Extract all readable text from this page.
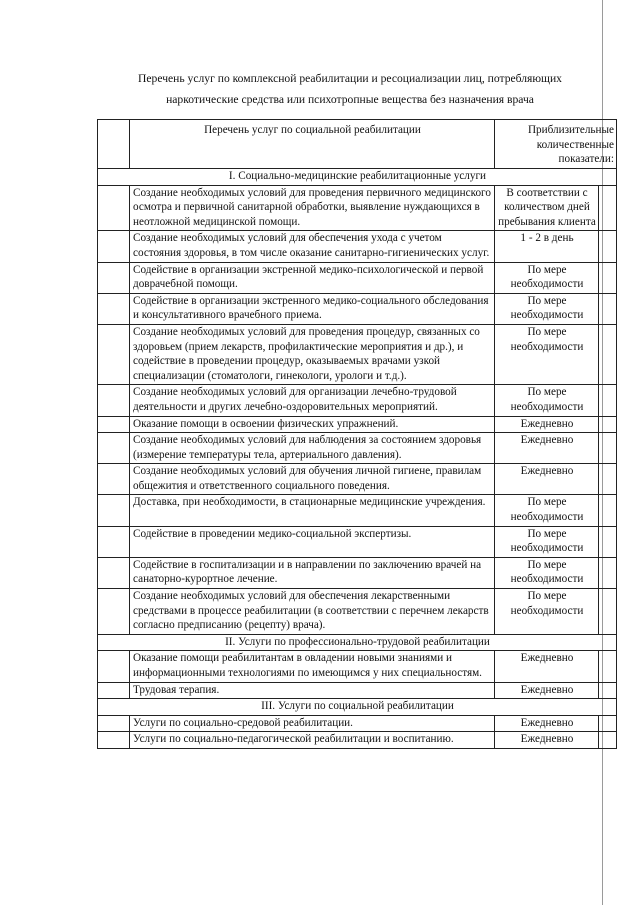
Перечень услуг по комплексной реабилитации и ресоциализации лиц, потребляющих
наркотические средства или психотропные вещества без назначения врача
	Перечень услуг по социальной реабилитации	Приблизительные количественные показатели:	
I. Социально-медицинские реабилитационные услуги			
	Создание необходимых условий для проведения первичного медицинского осмотра и первичной санитарной обработки, выявление нуждающихся в неотложной медицинской помощи.	В соответствии с количеством дней пребывания клиента	
	Создание необходимых условий для обеспечения ухода с учетом состояния здоровья, в том числе оказание санитарно-гигиенических услуг.	1 - 2 в день	
	Содействие в организации экстренной медико-психологической и первой доврачебной помощи.	По мере необходимости	
	Содействие в организации экстренного медико-социального обследования и консультативного врачебного приема.	По мере необходимости	
	Создание необходимых условий для проведения процедур, связанных со здоровьем (прием лекарств, профилактические мероприятия и др.), и содействие в проведении процедур, оказываемых врачами узкой специализации (стоматологи, гинекологи, урологи и т.д.).	По мере необходимости	
	Создание необходимых условий для организации лечебно-трудовой деятельности и других лечебно-оздоровительных мероприятий.	По мере необходимости	
	Оказание помощи в освоении физических упражнений.	Ежедневно	
	Создание необходимых условий для наблюдения за состоянием здоровья (измерение температуры тела, артериального давления).	Ежедневно	
	Создание необходимых условий для обучения личной гигиене, правилам общежития и ответственного социального поведения.	Ежедневно	
	Доставка, при необходимости, в стационарные медицинские учреждения.	По мере необходимости	
	Содействие в проведении медико-социальной экспертизы.	По мере необходимости	
	Содействие в госпитализации и в направлении по заключению врачей на санаторно-курортное лечение.	По мере необходимости	
	Создание необходимых условий для обеспечения лекарственными средствами в процессе реабилитации (в соответствии с перечнем лекарств согласно предписанию (рецепту) врача).	По мере необходимости	
II. Услуги по профессионально-трудовой реабилитации			
	Оказание помощи реабилитантам в овладении новыми знаниями и информационными технологиями по имеющимся у них специальностям.	Ежедневно	
	Трудовая терапия.	Ежедневно	
III. Услуги по социальной реабилитации			
	Услуги по социально-средовой реабилитации.	Ежедневно	
	Услуги по социально-педагогической реабилитации и воспитанию.	Ежедневно	
